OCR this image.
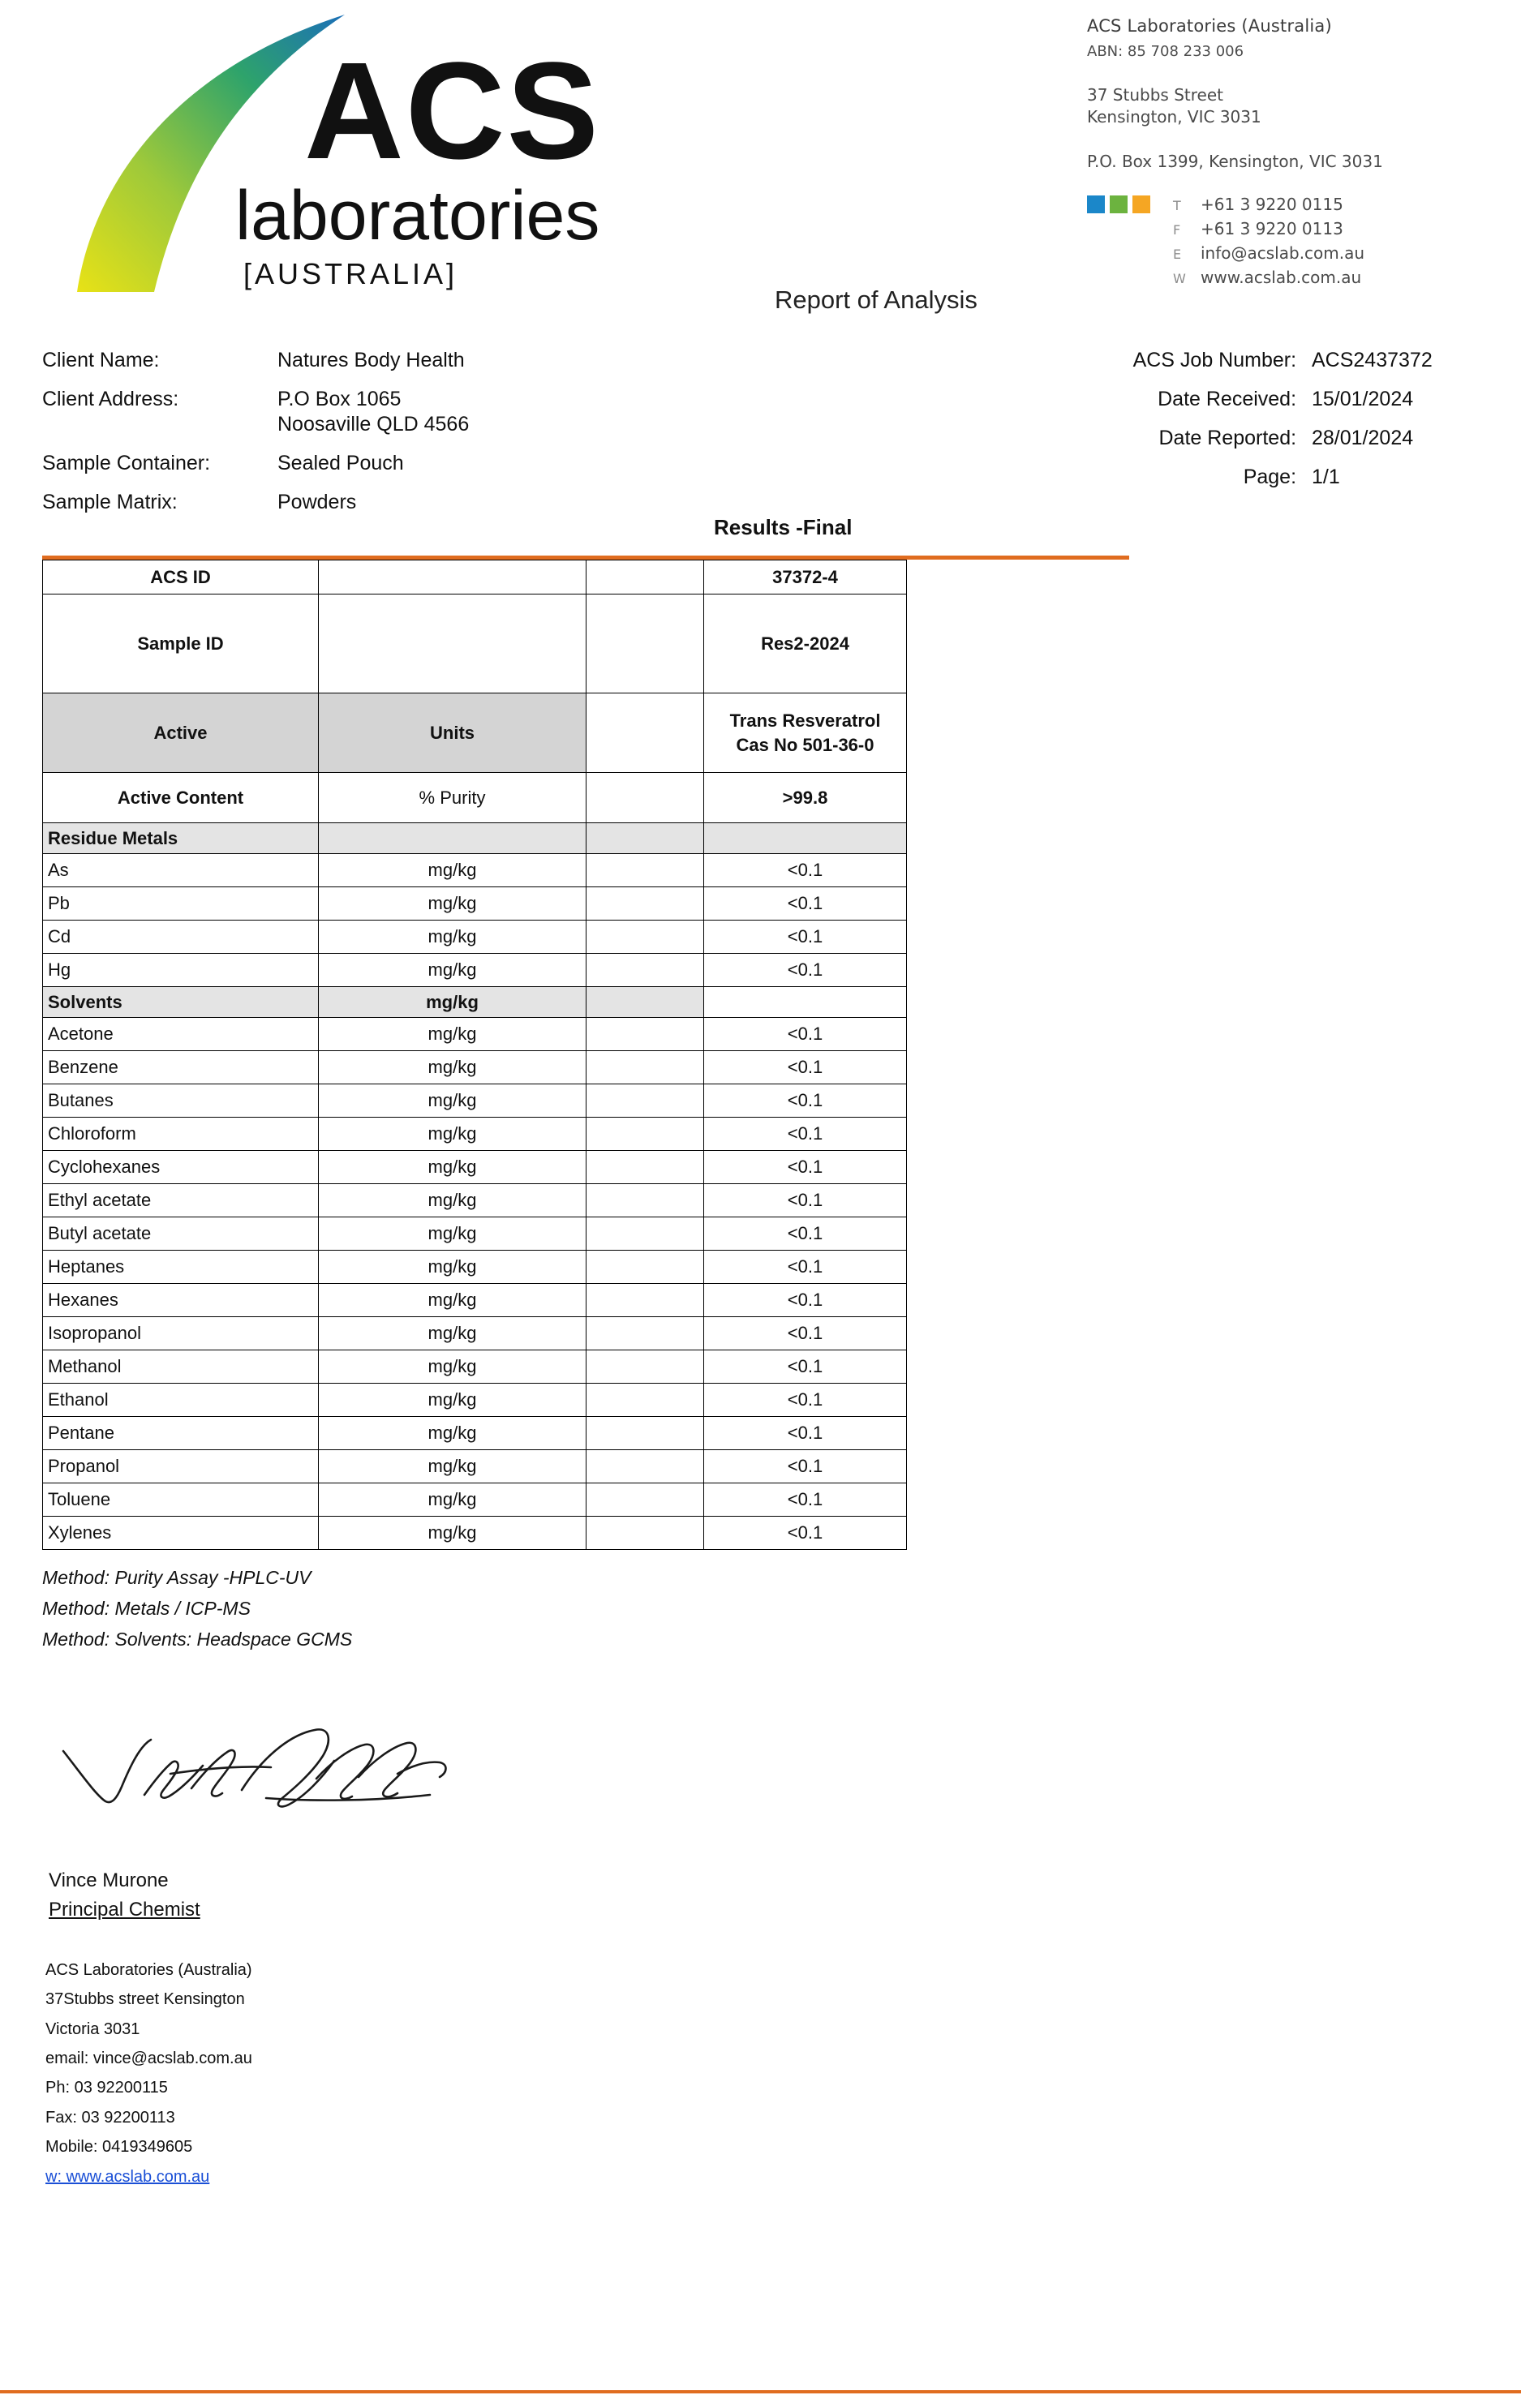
ACS
laboratories
[AUSTRALIA]
ACS Laboratories (Australia)
ABN: 85 708 233 006
37 Stubbs Street
Kensington, VIC 3031
P.O. Box 1399, Kensington, VIC 3031
T	+61 3 9220 0115
F	+61 3 9220 0113
E	info@acslab.com.au
W www.acslab.com.au
Report of Analysis
Client Name:	Natures Body Health
Client Address:	P.O Box 1065
Noosaville QLD 4566
Sample Container:	Sealed Pouch
Sample Matrix:	Powders
ACS Job Number: ACS2437372
Date Received: 15/01/2024
Date Reported: 28/01/2024
Page: 1/1
Results -Final
ACS ID			37372-4
Sample ID			Res2-2024
Active	Units		Trans Resveratrol
Cas No 501-36-0

Active Content	% Purity		>99.8
Residue Metals			
As	mg/kg		<0.1
Pb	mg/kg		<0.1
Cd	mg/kg		<0.1
Hg	mg/kg		<0.1
Solvents	mg/kg		
Acetone	mg/kg		<0.1
Benzene	mg/kg		<0.1
Butanes	mg/kg		<0.1
Chloroform	mg/kg		<0.1
Cyclohexanes	mg/kg		<0.1
Ethyl acetate	mg/kg		<0.1
Butyl acetate	mg/kg		<0.1
Heptanes	mg/kg		<0.1
Hexanes	mg/kg		<0.1
Isopropanol	mg/kg		<0.1
Methanol	mg/kg		<0.1
Ethanol	mg/kg		<0.1
Pentane	mg/kg		<0.1
Propanol	mg/kg		<0.1
Toluene	mg/kg		<0.1
Xylenes	mg/kg		<0.1
Method: Purity Assay -HPLC-UV
Method: Metals / ICP-MS
Method: Solvents: Headspace GCMS
Vince Murone
Principal Chemist
ACS Laboratories (Australia)
37Stubbs street Kensington
Victoria 3031
email: vince@acslab.com.au
Ph: 03 92200115
Fax: 03 92200113
Mobile: 0419349605
w: www.acslab.com.au
